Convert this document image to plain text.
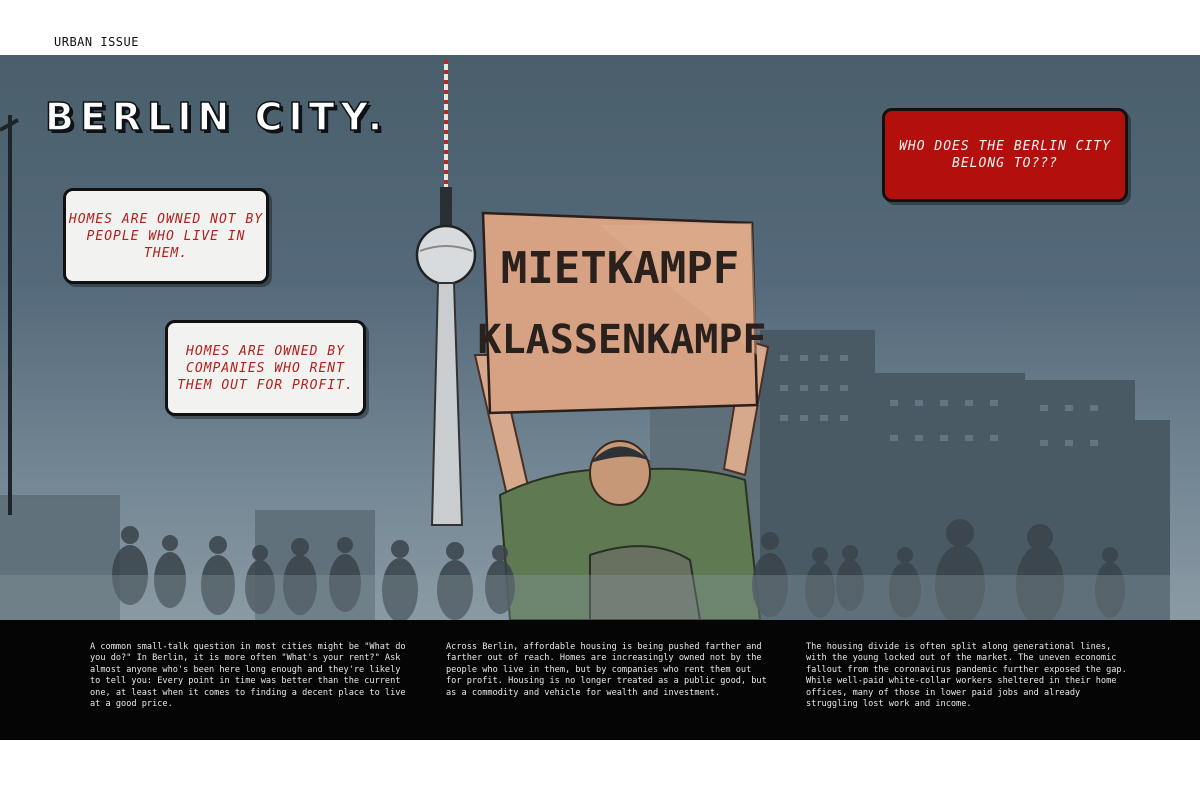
URBAN ISSUE
MIETKAMPF
KLASSENKAMPF
BERLIN CITY.
WHO DOES THE BERLIN CITY BELONG TO???
HOMES ARE OWNED NOT BY PEOPLE WHO LIVE IN THEM.
HOMES ARE OWNED BY COMPANIES WHO RENT THEM OUT FOR PROFIT.
A common small-talk question in most cities might be "What do you do?" In Berlin, it is more often "What's your rent?" Ask almost anyone who's been here long enough and they're likely to tell you: Every point in time was better than the current one, at least when it comes to finding a decent place to live at a good price.
Across Berlin, affordable housing is being pushed farther and farther out of reach. Homes are increasingly owned not by the people who live in them, but by companies who rent them out for profit. Housing is no longer treated as a public good, but as a commodity and vehicle for wealth and investment.
The housing divide is often split along generational lines, with the young locked out of the market. The uneven economic fallout from the coronavirus pandemic further exposed the gap. While well-paid white-collar workers sheltered in their home offices, many of those in lower paid jobs and already struggling lost work and income.
